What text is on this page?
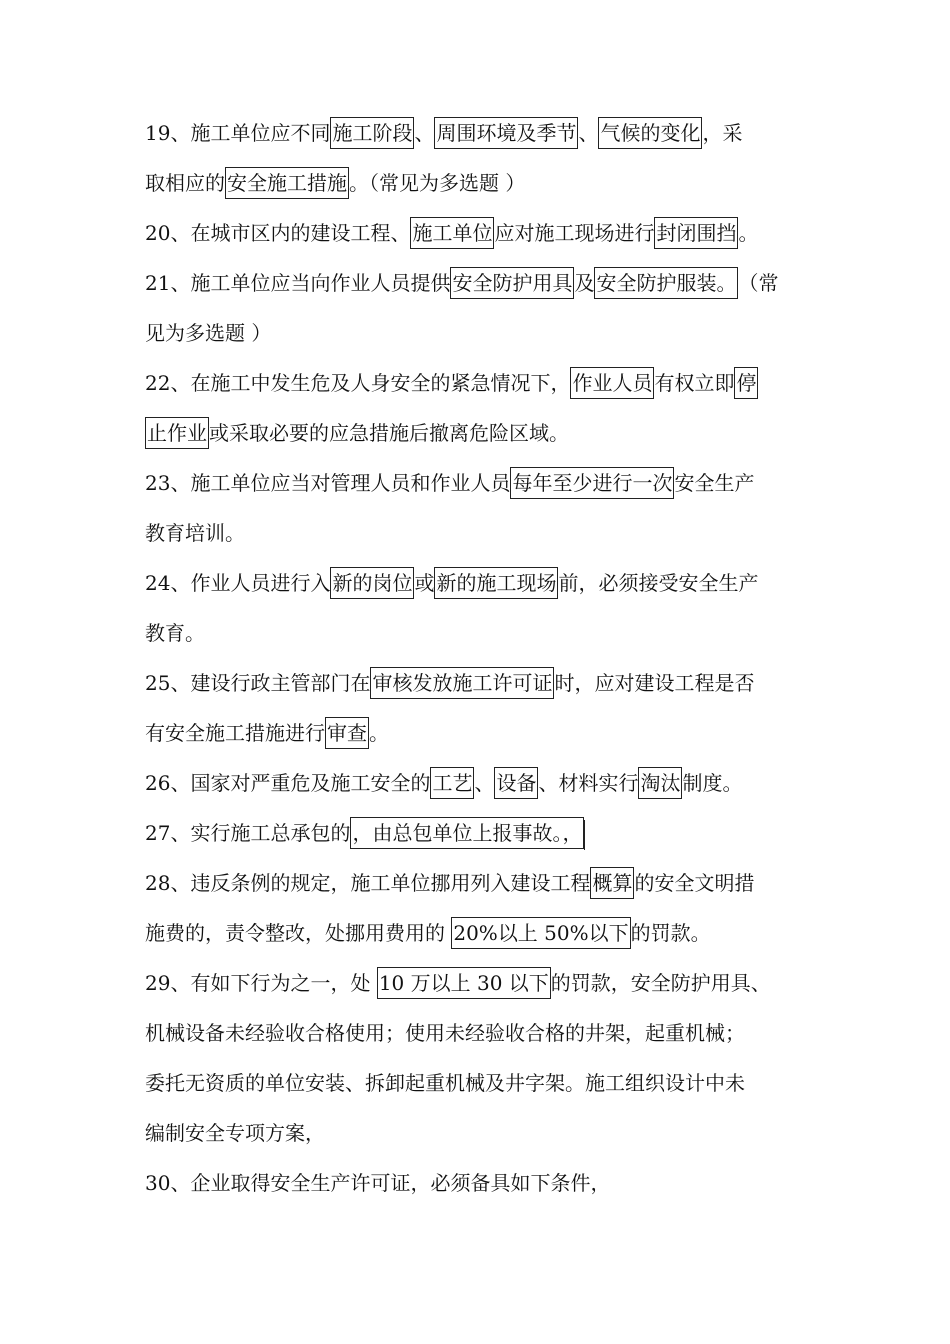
19、施工单位应不同 施工阶段 、 周围环境及季节 、 气候的变化 ，采
取相应的 安全施工措施 。（常见为多选题 ）
20、在城市区内的建设工程、 施工单位 应对施工现场进行 封闭围挡 。
21、施工单位应当向作业人员提供 安全防护用具 及 安全防护服装。 （常
见为多选题 ）
22、在施工中发生危及人身安全的紧急情况下， 作业人员 有权立即 停
止作业 或采取必要的应急措施后撤离危险区域。
23、施工单位应当对管理人员和作业人员 每年至少进行一次 安全生产
教育培训。
24、作业人员进行入 新的岗位 或 新的施工现场 前，必须接受安全生产
教育。
25、建设行政主管部门在 审核发放施工许可证 时，应对建设工程是否
有安全施工措施进行 审查 。
26、国家对严重危及施工安全的 工艺 、 设备 、材料实行 淘汰 制度。
27、实行施工总承包的 ，由总包单位上报事故。，
28、违反条例的规定，施工单位挪用列入建设工程 概算 的安全文明措
施费的，责令整改，处挪用费用的 20%以上 50%以下 的罚款。
29、有如下行为之一，处 10 万以上 30 以下 的罚款，安全防护用具、
机械设备未经验收合格使用；使用未经验收合格的井架，起重机械；
委托无资质的单位安装、拆卸起重机械及井字架。施工组织设计中未
编制安全专项方案，
30、企业取得安全生产许可证，必须备具如下条件，
